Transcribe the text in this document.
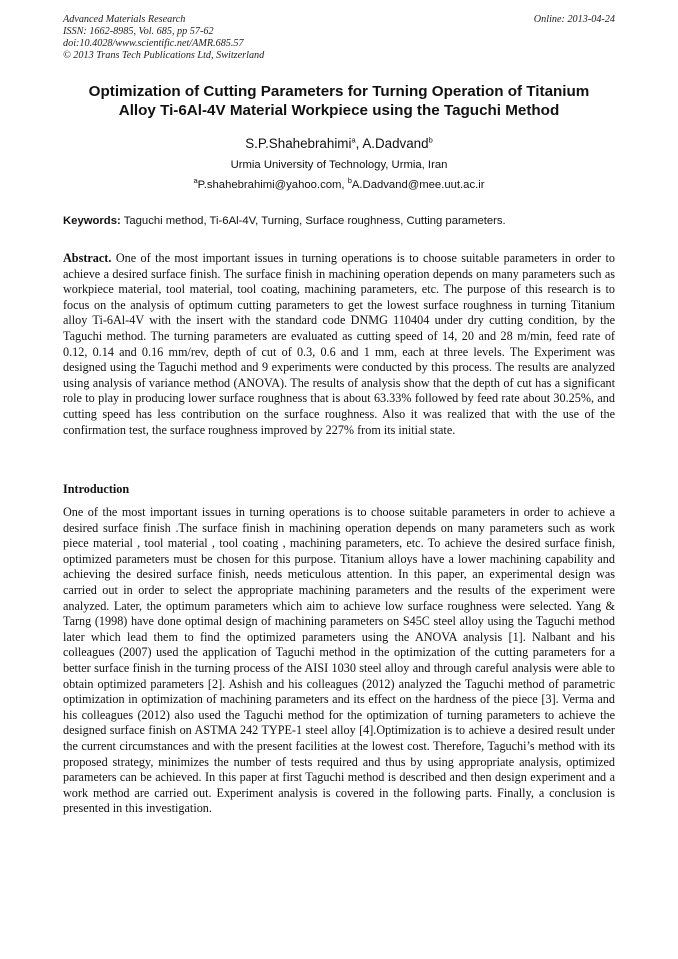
Advanced Materials Research
ISSN: 1662-8985, Vol. 685, pp 57-62
doi:10.4028/www.scientific.net/AMR.685.57
© 2013 Trans Tech Publications Ltd, Switzerland
Online: 2013-04-24
Optimization of Cutting Parameters for Turning Operation of Titanium
Alloy Ti-6Al-4V Material Workpiece using the Taguchi Method
S.P.Shahebrahimi$^a$, A.Dadvand$^b$
Urmia University of Technology, Urmia, Iran
$^a$P.shahebrahimi@yahoo.com, $^b$A.Dadvand@mee.uut.ac.ir
Keywords: Taguchi method, Ti-6Al-4V, Turning, Surface roughness, Cutting parameters.

Abstract. One of the most important issues in turning operations is to choose suitable parameters in order to achieve a desired surface finish. The surface finish in machining operation depends on many parameters such as workpiece material, tool material, tool coating, machining parameters, etc. The purpose of this research is to focus on the analysis of optimum cutting parameters to get the lowest surface roughness in turning Titanium alloy Ti-6Al-4V with the insert with the standard code DNMG 110404 under dry cutting condition, by the Taguchi method. The turning parameters are evaluated as cutting speed of 14, 20 and 28 m/min, feed rate of 0.12, 0.14 and 0.16 mm/rev, depth of cut of 0.3, 0.6 and 1 mm, each at three levels. The Experiment was designed using the Taguchi method and 9 experiments were conducted by this process. The results are analyzed using analysis of variance method (ANOVA). The results of analysis show that the depth of cut has a significant role to play in producing lower surface roughness that is about 63.33% followed by feed rate about 30.25%, and cutting speed has less contribution on the surface roughness. Also it was realized that with the use of the confirmation test, the surface roughness improved by 227% from its initial state.

Introduction

One of the most important issues in turning operations is to choose suitable parameters in order to achieve a desired surface finish .The surface finish in machining operation depends on many parameters such as work piece material , tool material , tool coating , machining parameters, etc. To achieve the desired surface finish, optimized parameters must be chosen for this purpose. Titanium alloys have a lower machining capability and achieving the desired surface finish, needs meticulous attention. In this paper, an experimental design was carried out in order to select the appropriate machining parameters and the results of the experiment were analyzed. Later, the optimum parameters which aim to achieve low surface roughness were selected. Yang & Tarng (1998) have done optimal design of machining parameters on S45C steel alloy using the Taguchi method later which lead them to find the optimized parameters using the ANOVA analysis [1]. Nalbant and his colleagues (2007) used the application of Taguchi method in the optimization of the cutting parameters for a better surface finish in the turning process of the AISI 1030 steel alloy and through careful analysis were able to obtain optimized parameters [2]. Ashish and his colleagues (2012) analyzed the Taguchi method of parametric optimization in optimization of machining parameters and its effect on the hardness of the piece [3]. Verma and his colleagues (2012) also used the Taguchi method for the optimization of turning parameters to achieve the designed surface finish on ASTMA 242 TYPE-1 steel alloy [4].Optimization is to achieve a desired result under the current circumstances and with the present facilities at the lowest cost. Therefore, Taguchi’s method with its proposed strategy, minimizes the number of tests required and thus by using appropriate analysis, optimized parameters can be achieved. In this paper at first Taguchi method is described and then design experiment and a work method are carried out. Experiment analysis is covered in the following parts. Finally, a conclusion is presented in this investigation.
